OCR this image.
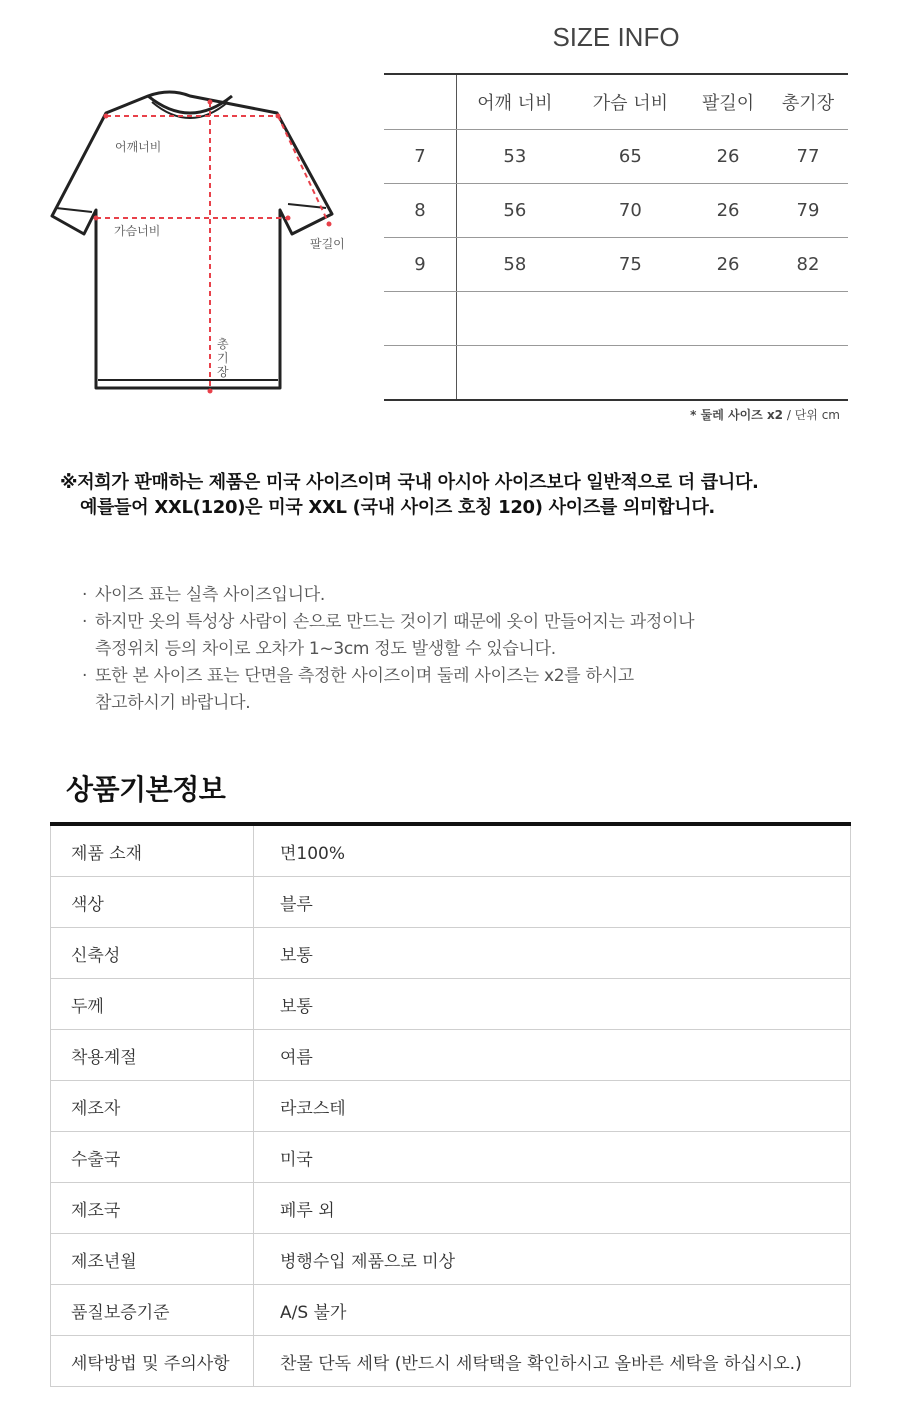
어깨너비
가슴너비
팔길이
총
기
장
SIZE INFO
	어깨 너비	가슴 너비	팔길이	총기장
7	53	65	26	77
8	56	70	26	79
9	58	75	26	82

* 둘레 사이즈 x2 / 단위 cm
※저희가 판매하는 제품은 미국 사이즈이며 국내 아시아 사이즈보다 일반적으로 더 큽니다.
예를들어 XXL(120)은 미국 XXL (국내 사이즈 호칭 120) 사이즈를 의미합니다.
· 사이즈 표는 실측 사이즈입니다.
· 하지만 옷의 특성상 사람이 손으로 만드는 것이기 때문에 옷이 만들어지는 과정이나
측정위치 등의 차이로 오차가 1~3cm 정도 발생할 수 있습니다.
· 또한 본 사이즈 표는 단면을 측정한 사이즈이며 둘레 사이즈는 x2를 하시고
참고하시기 바랍니다.
상품기본정보
제품 소재	면100%
색상	블루
신축성	보통
두께	보통
착용계절	여름
제조자	라코스테
수출국	미국
제조국	페루 외
제조년월	병행수입 제품으로 미상
품질보증기준	A/S 불가
세탁방법 및 주의사항	찬물 단독 세탁 (반드시 세탁택을 확인하시고 올바른 세탁을 하십시오.)
